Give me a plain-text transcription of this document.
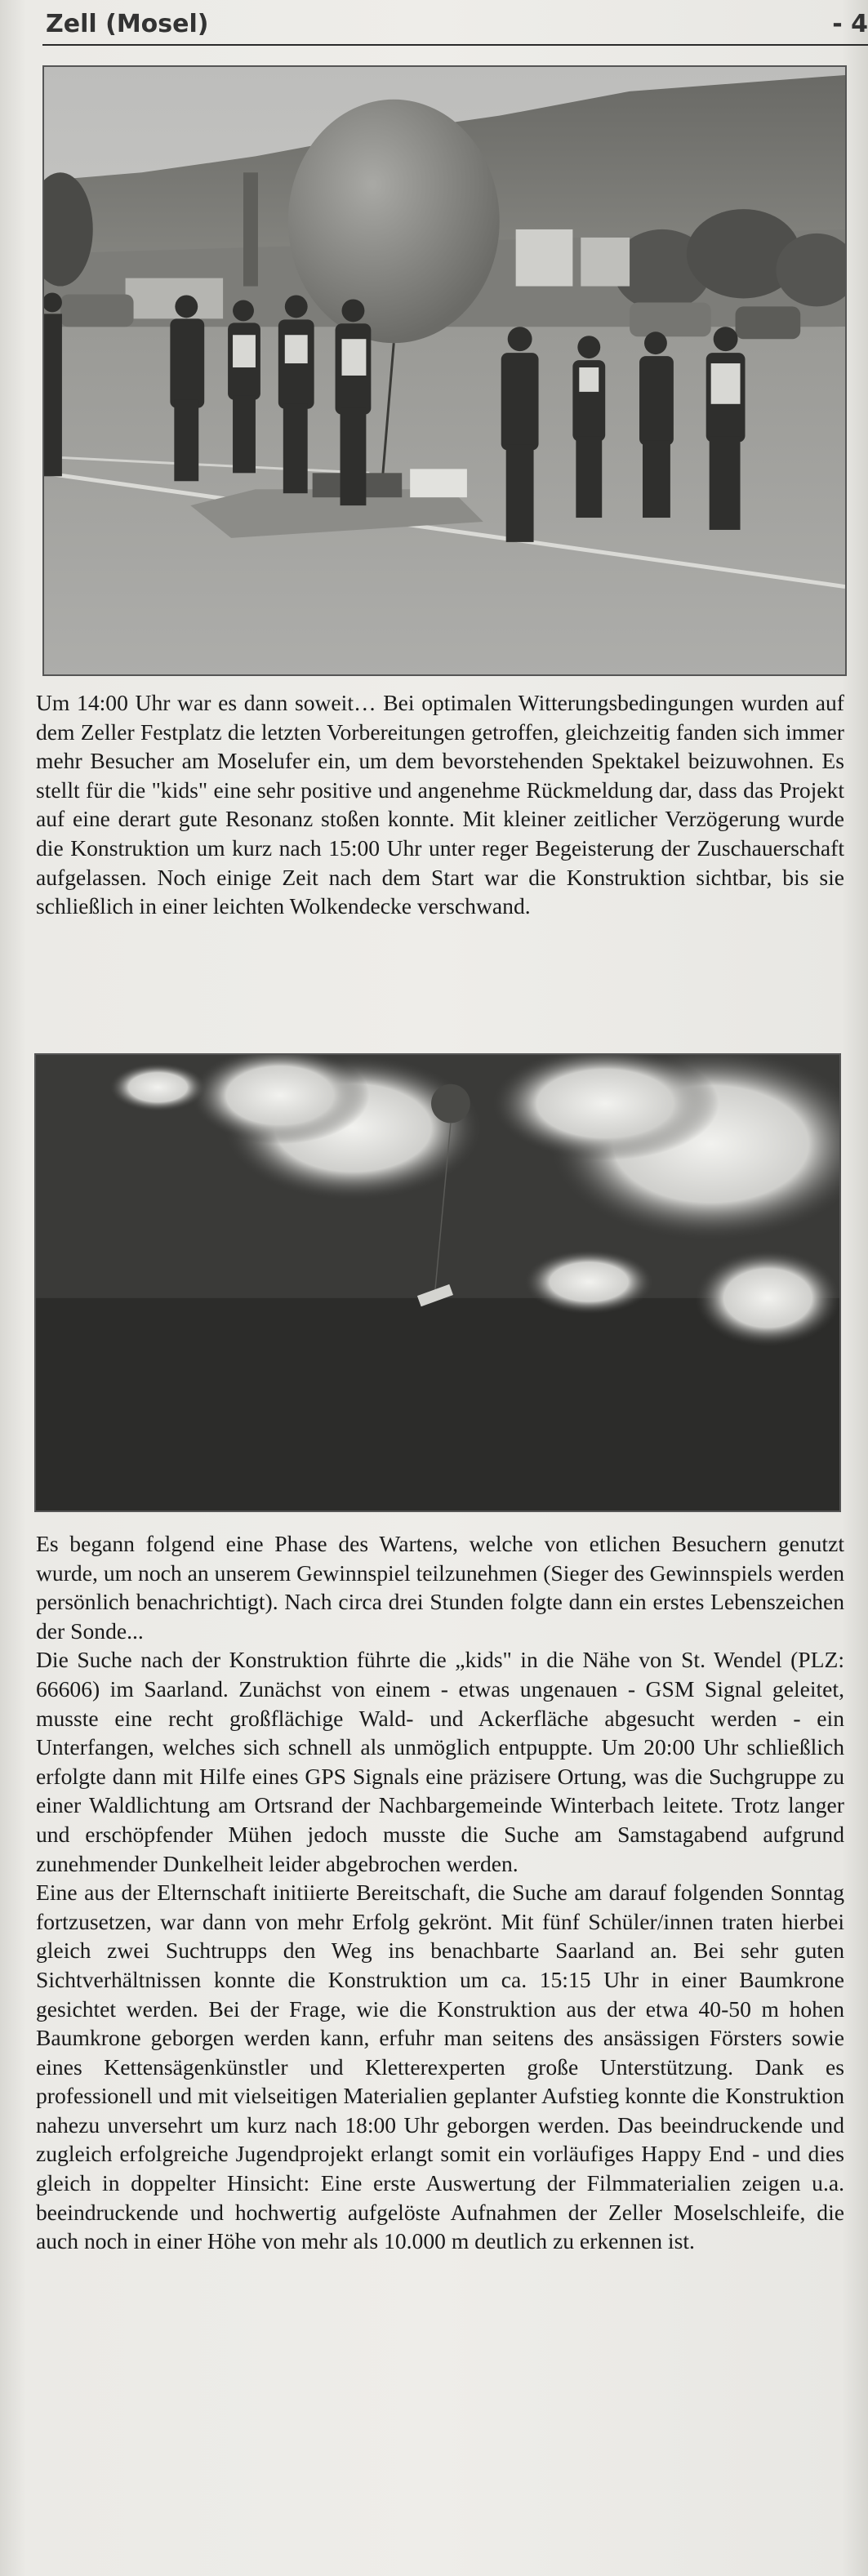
Zell (Mosel)	- 4

Um 14:00 Uhr war es dann soweit… Bei optimalen Witterungsbedingungen wurden auf dem Zeller Festplatz die letzten Vorbereitungen getroffen, gleichzeitig fanden sich immer mehr Besucher am Moselufer ein, um dem bevorstehenden Spektakel beizuwohnen. Es stellt für die "kids" eine sehr positive und angenehme Rückmeldung dar, dass das Projekt auf eine derart gute Resonanz stoßen konnte. Mit kleiner zeitlicher Verzögerung wurde die Konstruktion um kurz nach 15:00 Uhr unter reger Begeisterung der Zuschauerschaft aufgelassen. Noch einige Zeit nach dem Start war die Konstruktion sichtbar, bis sie schließlich in einer leichten Wolkendecke verschwand.

Es begann folgend eine Phase des Wartens, welche von etlichen Besuchern genutzt wurde, um noch an unserem Gewinnspiel teilzunehmen (Sieger des Gewinnspiels werden persönlich benachrichtigt). Nach circa drei Stunden folgte dann ein erstes Lebenszeichen der Sonde...

Die Suche nach der Konstruktion führte die „kids" in die Nähe von St. Wendel (PLZ: 66606) im Saarland. Zunächst von einem - etwas ungenauen - GSM Signal geleitet, musste eine recht großflächige Wald- und Ackerfläche abgesucht werden - ein Unterfangen, welches sich schnell als unmöglich entpuppte. Um 20:00 Uhr schließlich erfolgte dann mit Hilfe eines GPS Signals eine präzisere Ortung, was die Suchgruppe zu einer Waldlichtung am Ortsrand der Nachbargemeinde Winterbach leitete. Trotz langer und erschöpfender Mühen jedoch musste die Suche am Samstagabend aufgrund zunehmender Dunkelheit leider abgebrochen werden.

Eine aus der Elternschaft initiierte Bereitschaft, die Suche am darauf folgenden Sonntag fortzusetzen, war dann von mehr Erfolg gekrönt. Mit fünf Schüler/innen traten hierbei gleich zwei Suchtrupps den Weg ins benachbarte Saarland an. Bei sehr guten Sichtverhältnissen konnte die Konstruktion um ca. 15:15 Uhr in einer Baumkrone gesichtet werden. Bei der Frage, wie die Konstruktion aus der etwa 40-50 m hohen Baumkrone geborgen werden kann, erfuhr man seitens des ansässigen Försters sowie eines Kettensägenkünstler und Kletterexperten große Unterstützung. Dank es professionell und mit vielseitigen Materialien geplanter Aufstieg konnte die Konstruktion nahezu unversehrt um kurz nach 18:00 Uhr geborgen werden. Das beeindruckende und zugleich erfolgreiche Jugendprojekt erlangt somit ein vorläufiges Happy End - und dies gleich in doppelter Hinsicht: Eine erste Auswertung der Filmmaterialien zeigen u.a. beeindruckende und hochwertig aufgelöste Aufnahmen der Zeller Moselschleife, die auch noch in einer Höhe von mehr als 10.000 m deutlich zu erkennen ist.
